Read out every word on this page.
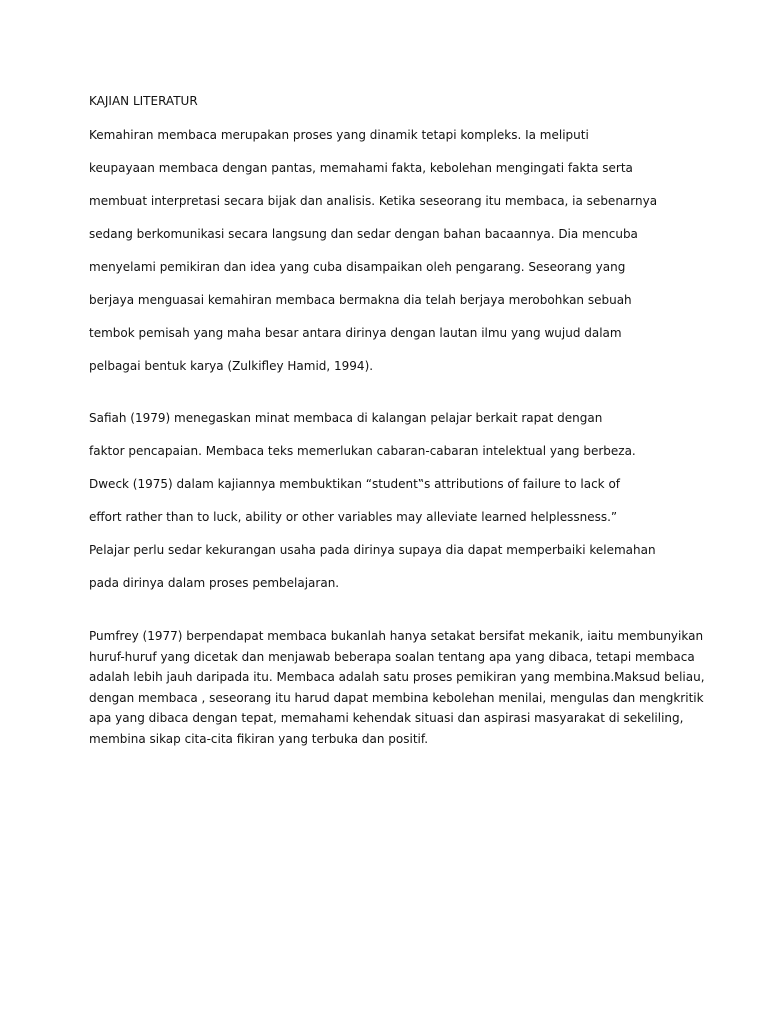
KAJIAN LITERATUR
Kemahiran membaca merupakan proses yang dinamik tetapi kompleks. Ia meliputi
keupayaan membaca dengan pantas, memahami fakta, kebolehan mengingati fakta serta
membuat interpretasi secara bijak dan analisis. Ketika seseorang itu membaca, ia sebenarnya
sedang berkomunikasi secara langsung dan sedar dengan bahan bacaannya. Dia mencuba
menyelami pemikiran dan idea yang cuba disampaikan oleh pengarang. Seseorang yang
berjaya menguasai kemahiran membaca bermakna dia telah berjaya merobohkan sebuah
tembok pemisah yang maha besar antara dirinya dengan lautan ilmu yang wujud dalam
pelbagai bentuk karya (Zulkifley Hamid, 1994).
Safiah (1979) menegaskan minat membaca di kalangan pelajar berkait rapat dengan
faktor pencapaian. Membaca teks memerlukan cabaran-cabaran intelektual yang berbeza.
Dweck (1975) dalam kajiannya membuktikan “student‟s attributions of failure to lack of
effort rather than to luck, ability or other variables may alleviate learned helplessness.”
Pelajar perlu sedar kekurangan usaha pada dirinya supaya dia dapat memperbaiki kelemahan
pada dirinya dalam proses pembelajaran.
Pumfrey (1977) berpendapat membaca bukanlah hanya setakat bersifat mekanik, iaitu membunyikan
huruf-huruf yang dicetak dan menjawab beberapa soalan tentang apa yang dibaca, tetapi membaca
adalah lebih jauh daripada itu. Membaca adalah satu proses pemikiran yang membina.Maksud beliau,
dengan membaca , seseorang itu harud dapat membina kebolehan menilai, mengulas dan mengkritik
apa yang dibaca dengan tepat, memahami kehendak situasi dan aspirasi masyarakat di sekeliling,
membina sikap cita-cita fikiran yang terbuka dan positif.
